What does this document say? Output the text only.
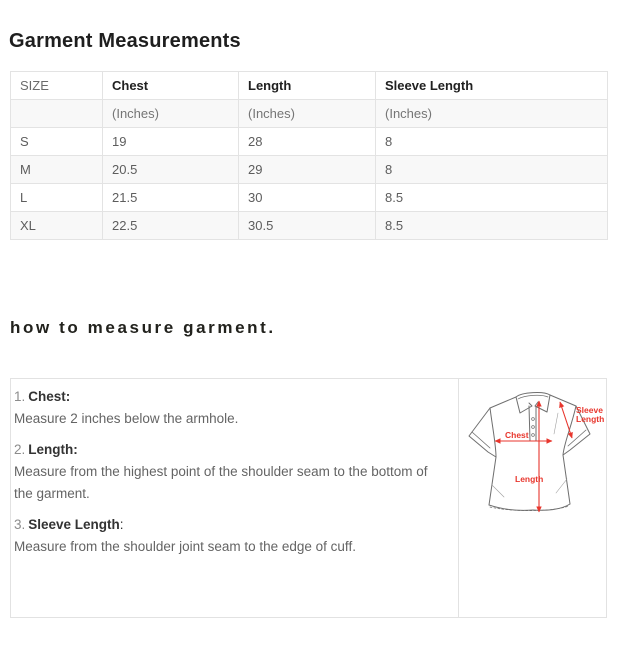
Garment Measurements
SIZE	Chest	Length	Sleeve Length
	(Inches)	(Inches)	(Inches)
S	19	28	8
M	20.5	29	8
L	21.5	30	8.5
XL	22.5	30.5	8.5
how to measure garment.
1. Chest:
Measure 2 inches below the armhole.
2. Length:
Measure from the highest point of the shoulder seam to the bottom of the garment.
3. Sleeve Length:
Measure from the shoulder joint seam to the edge of cuff.
Chest
Length
Sleeve
Length
